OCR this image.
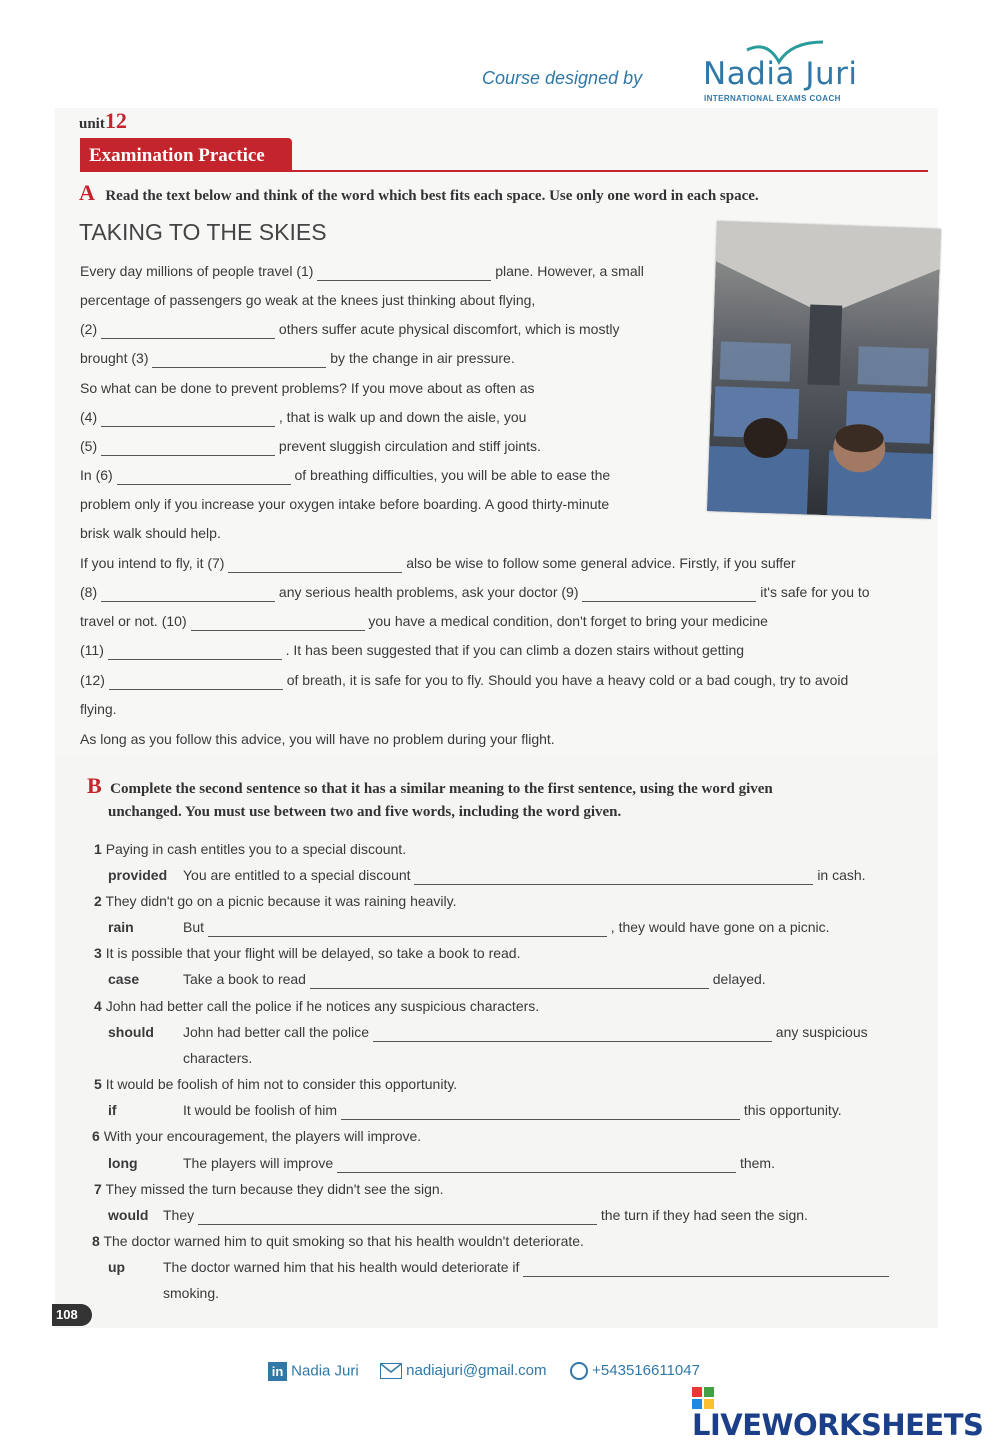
Course designed by Nadia Juri
INTERNATIONAL EXAMS COACH
unit12
Examination Practice
A Read the text below and think of the word which best fits each space. Use only one word in each space.
TAKING TO THE SKIES
Every day millions of people travel (1)	plane. However, a small
percentage of passengers go weak at the knees just thinking about flying,
(2)	others suffer acute physical discomfort, which is mostly
brought (3)	by the change in air pressure.
So what can be done to prevent problems? If you move about as often as
(4)	, that is walk up and down the aisle, you
(5)	prevent sluggish circulation and stiff joints.
In (6)	of breathing difficulties, you will be able to ease the
problem only if you increase your oxygen intake before boarding. A good thirty-minute
brisk walk should help.
If you intend to fly, it (7)	also be wise to follow some general advice. Firstly, if you suffer
(8)	any serious health problems, ask your doctor (9)	it's safe for you to
travel or not. (10)	you have a medical condition, don't forget to bring your medicine
(11)	. It has been suggested that if you can climb a dozen stairs without getting
(12)	of breath, it is safe for you to fly. Should you have a heavy cold or a bad cough, try to avoid
flying.
As long as you follow this advice, you will have no problem during your flight.
B Complete the second sentence so that it has a similar meaning to the first sentence, using the word given
unchanged. You must use between two and five words, including the word given.
1 Paying in cash entitles you to a special discount.
provided You are entitled to a special discount	in cash.
2 They didn't go on a picnic because it was raining heavily.
rain	But	, they would have gone on a picnic.
3 It is possible that your flight will be delayed, so take a book to read.
case	Take a book to read	delayed.
4 John had better call the police if he notices any suspicious characters.
should John had better call the police	any suspicious
characters.
5 It would be foolish of him not to consider this opportunity.
if	It would be foolish of him	this opportunity.
6 With your encouragement, the players will improve.
long	The players will improve	them.
7 They missed the turn because they didn't see the sign.
would They	the turn if they had seen the sign.
8 The doctor warned him to quit smoking so that his health wouldn't deteriorate.
up	The doctor warned him that his health would deteriorate if
smoking.
108
in Nadia Juri	nadiajuri@gmail.com	+543516611047
LIVEWORKSHEETS
